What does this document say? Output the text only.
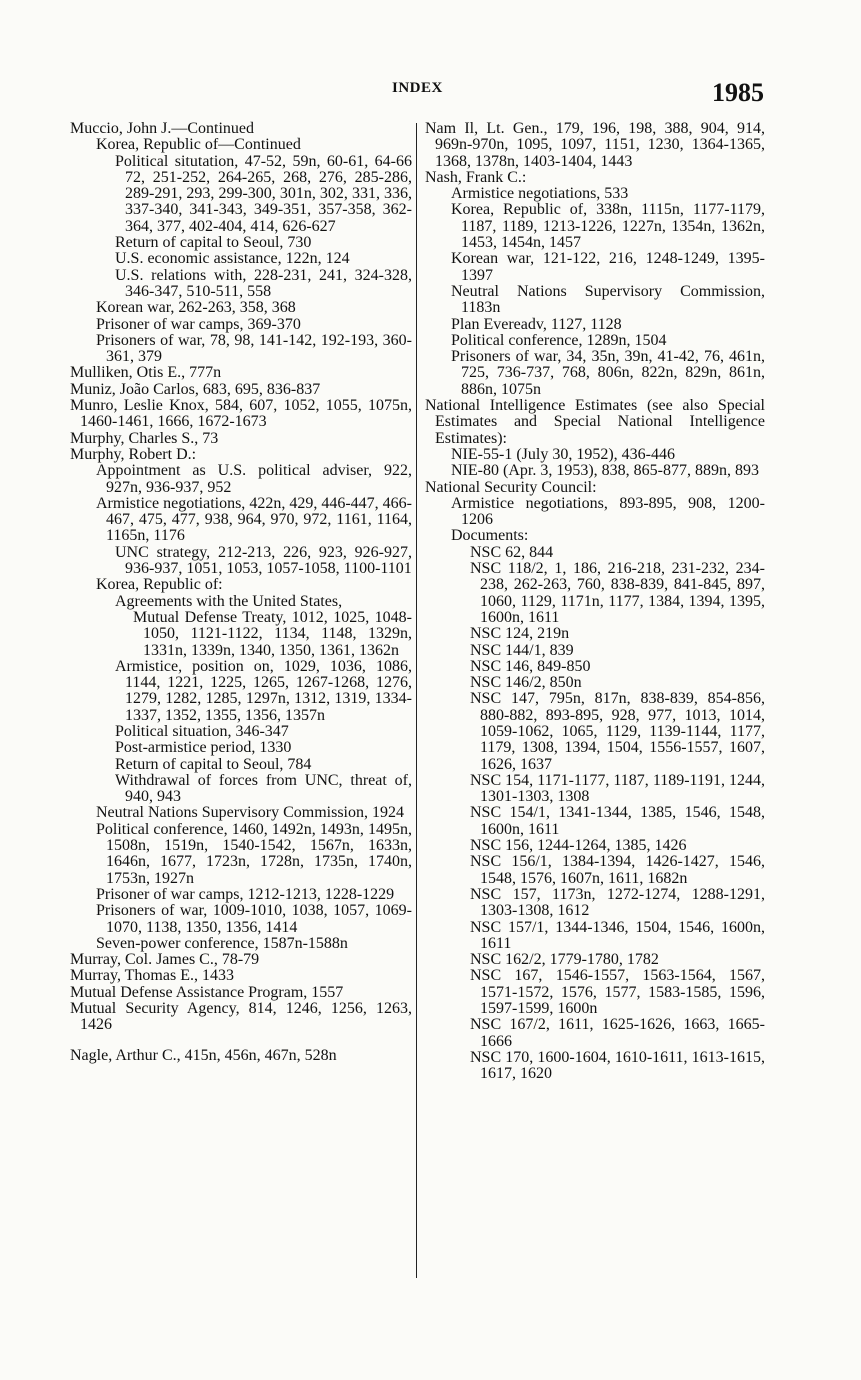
INDEX	1985
Muccio, John J.—Continued
Korea, Republic of—Continued
Political situtation, 47-52, 59n, 60-61, 64-66 72, 251-252, 264-265, 268, 276, 285-286, 289-291, 293, 299-300, 301n, 302, 331, 336, 337-340, 341-343, 349-351, 357-358, 362-364, 377, 402-404, 414, 626-627
Return of capital to Seoul, 730
U.S. economic assistance, 122n, 124
U.S. relations with, 228-231, 241, 324-328, 346-347, 510-511, 558
Korean war, 262-263, 358, 368
Prisoner of war camps, 369-370
Prisoners of war, 78, 98, 141-142, 192-193, 360-361, 379
Mulliken, Otis E., 777n
Muniz, João Carlos, 683, 695, 836-837
Munro, Leslie Knox, 584, 607, 1052, 1055, 1075n, 1460-1461, 1666, 1672-1673
Murphy, Charles S., 73
Murphy, Robert D.:
Appointment as U.S. political adviser, 922, 927n, 936-937, 952
Armistice negotiations, 422n, 429, 446-447, 466-467, 475, 477, 938, 964, 970, 972, 1161, 1164, 1165n, 1176
UNC strategy, 212-213, 226, 923, 926-927, 936-937, 1051, 1053, 1057-1058, 1100-1101
Korea, Republic of:
Agreements with the United States,
Mutual Defense Treaty, 1012, 1025, 1048-1050, 1121-1122, 1134, 1148, 1329n, 1331n, 1339n, 1340, 1350, 1361, 1362n
Armistice, position on, 1029, 1036, 1086, 1144, 1221, 1225, 1265, 1267-1268, 1276, 1279, 1282, 1285, 1297n, 1312, 1319, 1334-1337, 1352, 1355, 1356, 1357n
Political situation, 346-347
Post-armistice period, 1330
Return of capital to Seoul, 784
Withdrawal of forces from UNC, threat of, 940, 943
Neutral Nations Supervisory Commission, 1924
Political conference, 1460, 1492n, 1493n, 1495n, 1508n, 1519n, 1540-1542, 1567n, 1633n, 1646n, 1677, 1723n, 1728n, 1735n, 1740n, 1753n, 1927n
Prisoner of war camps, 1212-1213, 1228-1229
Prisoners of war, 1009-1010, 1038, 1057, 1069-1070, 1138, 1350, 1356, 1414
Seven-power conference, 1587n-1588n
Murray, Col. James C., 78-79
Murray, Thomas E., 1433
Mutual Defense Assistance Program, 1557
Mutual Security Agency, 814, 1246, 1256, 1263, 1426
Nagle, Arthur C., 415n, 456n, 467n, 528n
Nam Il, Lt. Gen., 179, 196, 198, 388, 904, 914, 969n-970n, 1095, 1097, 1151, 1230, 1364-1365, 1368, 1378n, 1403-1404, 1443
Nash, Frank C.:
Armistice negotiations, 533
Korea, Republic of, 338n, 1115n, 1177-1179, 1187, 1189, 1213-1226, 1227n, 1354n, 1362n, 1453, 1454n, 1457
Korean war, 121-122, 216, 1248-1249, 1395-1397
Neutral Nations Supervisory Commission, 1183n
Plan Evereadv, 1127, 1128
Political conference, 1289n, 1504
Prisoners of war, 34, 35n, 39n, 41-42, 76, 461n, 725, 736-737, 768, 806n, 822n, 829n, 861n, 886n, 1075n
National Intelligence Estimates (see also Special Estimates and Special National Intelligence Estimates):
NIE-55-1 (July 30, 1952), 436-446
NIE-80 (Apr. 3, 1953), 838, 865-877, 889n, 893
National Security Council:
Armistice negotiations, 893-895, 908, 1200-1206
Documents:
NSC 62, 844
NSC 118/2, 1, 186, 216-218, 231-232, 234-238, 262-263, 760, 838-839, 841-845, 897, 1060, 1129, 1171n, 1177, 1384, 1394, 1395, 1600n, 1611
NSC 124, 219n
NSC 144/1, 839
NSC 146, 849-850
NSC 146/2, 850n
NSC 147, 795n, 817n, 838-839, 854-856, 880-882, 893-895, 928, 977, 1013, 1014, 1059-1062, 1065, 1129, 1139-1144, 1177, 1179, 1308, 1394, 1504, 1556-1557, 1607, 1626, 1637
NSC 154, 1171-1177, 1187, 1189-1191, 1244, 1301-1303, 1308
NSC 154/1, 1341-1344, 1385, 1546, 1548, 1600n, 1611
NSC 156, 1244-1264, 1385, 1426
NSC 156/1, 1384-1394, 1426-1427, 1546, 1548, 1576, 1607n, 1611, 1682n
NSC 157, 1173n, 1272-1274, 1288-1291, 1303-1308, 1612
NSC 157/1, 1344-1346, 1504, 1546, 1600n, 1611
NSC 162/2, 1779-1780, 1782
NSC 167, 1546-1557, 1563-1564, 1567, 1571-1572, 1576, 1577, 1583-1585, 1596, 1597-1599, 1600n
NSC 167/2, 1611, 1625-1626, 1663, 1665-1666
NSC 170, 1600-1604, 1610-1611, 1613-1615, 1617, 1620
